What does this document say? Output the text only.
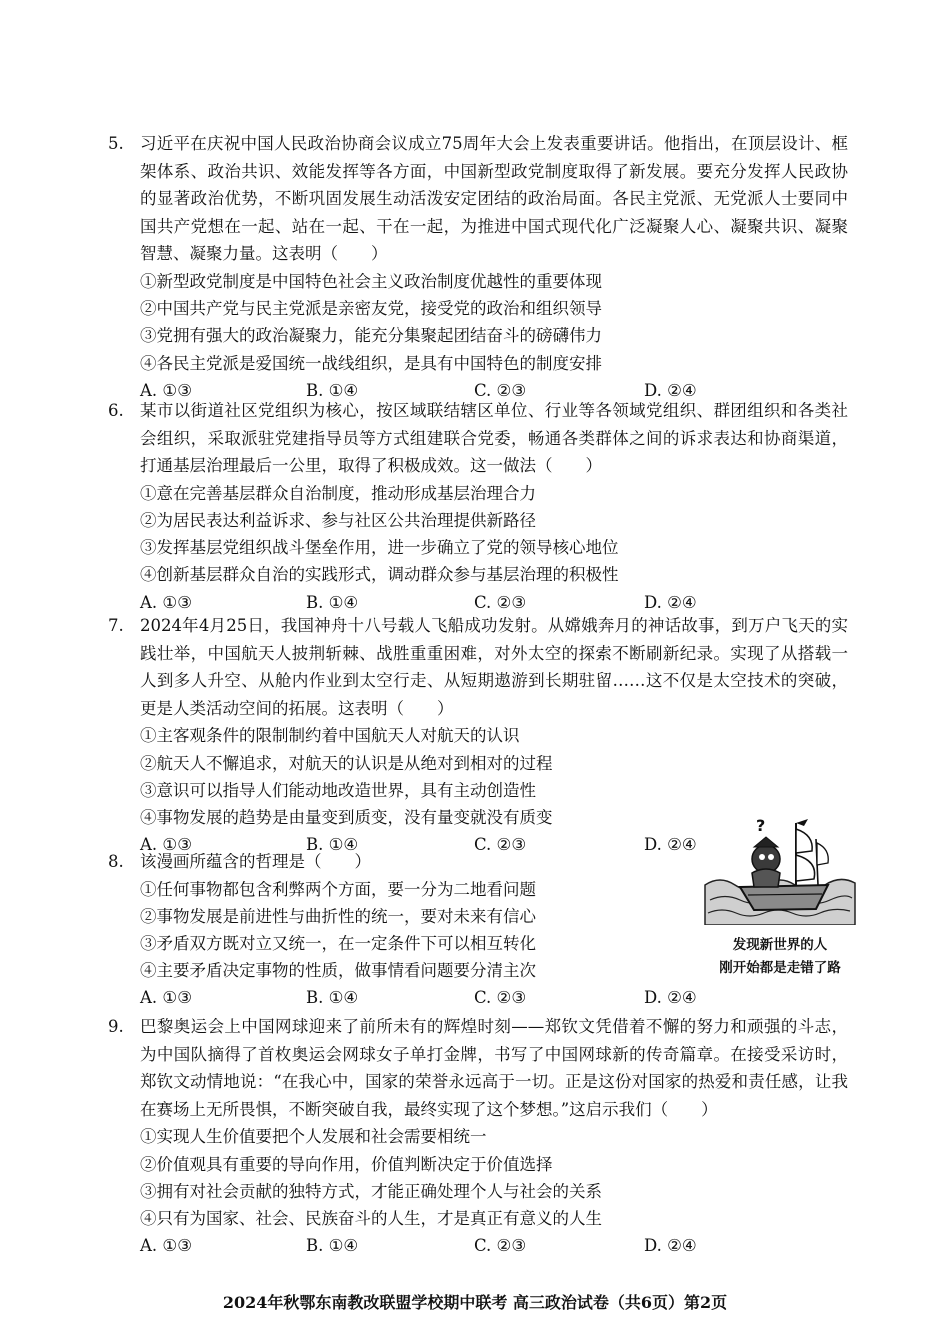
5. 习近平在庆祝中国人民政治协商会议成立75周年大会上发表重要讲话。他指出，在顶层设计、框架体系、政治共识、效能发挥等各方面，中国新型政党制度取得了新发展。要充分发挥人民政协的显著政治优势，不断巩固发展生动活泼安定团结的政治局面。各民主党派、无党派人士要同中国共产党想在一起、站在一起、干在一起，为推进中国式现代化广泛凝聚人心、凝聚共识、凝聚智慧、凝聚力量。这表明（　　）
①新型政党制度是中国特色社会主义政治制度优越性的重要体现
②中国共产党与民主党派是亲密友党，接受党的政治和组织领导
③党拥有强大的政治凝聚力，能充分集聚起团结奋斗的磅礴伟力
④各民主党派是爱国统一战线组织，是具有中国特色的制度安排
A. ①③	B. ①④	C. ②③	D. ②④
6. 某市以街道社区党组织为核心，按区域联结辖区单位、行业等各领域党组织、群团组织和各类社会组织，采取派驻党建指导员等方式组建联合党委，畅通各类群体之间的诉求表达和协商渠道，打通基层治理最后一公里，取得了积极成效。这一做法（　　）
①意在完善基层群众自治制度，推动形成基层治理合力
②为居民表达利益诉求、参与社区公共治理提供新路径
③发挥基层党组织战斗堡垒作用，进一步确立了党的领导核心地位
④创新基层群众自治的实践形式，调动群众参与基层治理的积极性
A. ①③	B. ①④	C. ②③	D. ②④
7. 2024年4月25日，我国神舟十八号载人飞船成功发射。从嫦娥奔月的神话故事，到万户飞天的实践壮举，中国航天人披荆斩棘、战胜重重困难，对外太空的探索不断刷新纪录。实现了从搭载一人到多人升空、从舱内作业到太空行走、从短期遨游到长期驻留……这不仅是太空技术的突破，更是人类活动空间的拓展。这表明（　　）
①主客观条件的限制制约着中国航天人对航天的认识
②航天人不懈追求，对航天的认识是从绝对到相对的过程
③意识可以指导人们能动地改造世界，具有主动创造性
④事物发展的趋势是由量变到质变，没有量变就没有质变
A. ①③	B. ①④	C. ②③	D. ②④
8. 该漫画所蕴含的哲理是（　　）
①任何事物都包含利弊两个方面，要一分为二地看问题
②事物发展是前进性与曲折性的统一，要对未来有信心
③矛盾双方既对立又统一，在一定条件下可以相互转化
④主要矛盾决定事物的性质，做事情看问题要分清主次
A. ①③	B. ①④	C. ②③	D. ②④
?
发现新世界的人
刚开始都是走错了路
9. 巴黎奥运会上中国网球迎来了前所未有的辉煌时刻——郑钦文凭借着不懈的努力和顽强的斗志，为中国队摘得了首枚奥运会网球女子单打金牌，书写了中国网球新的传奇篇章。在接受采访时，郑钦文动情地说：“在我心中，国家的荣誉永远高于一切。正是这份对国家的热爱和责任感，让我在赛场上无所畏惧，不断突破自我，最终实现了这个梦想。”这启示我们（　　）
①实现人生价值要把个人发展和社会需要相统一
②价值观具有重要的导向作用，价值判断决定于价值选择
③拥有对社会贡献的独特方式，才能正确处理个人与社会的关系
④只有为国家、社会、民族奋斗的人生，才是真正有意义的人生
A. ①③	B. ①④	C. ②③	D. ②④
2024年秋鄂东南教改联盟学校期中联考 高三政治试卷（共6页）第2页
